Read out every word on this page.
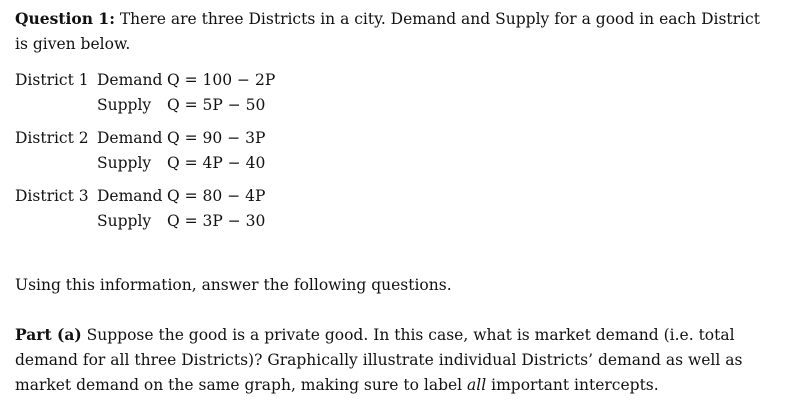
Question 1: There are three Districts in a city. Demand and Supply for a good in each District is given below.
District 1 Demand Q = 100 − 2P
Supply Q = 5P − 50
District 2 Demand Q = 90 − 3P
Supply Q = 4P − 40
District 3 Demand Q = 80 − 4P
Supply Q = 3P − 30
Using this information, answer the following questions.
Part (a) Suppose the good is a private good. In this case, what is market demand (i.e. total demand for all three Districts)? Graphically illustrate individual Districts’ demand as well as market demand on the same graph, making sure to label all important intercepts.
